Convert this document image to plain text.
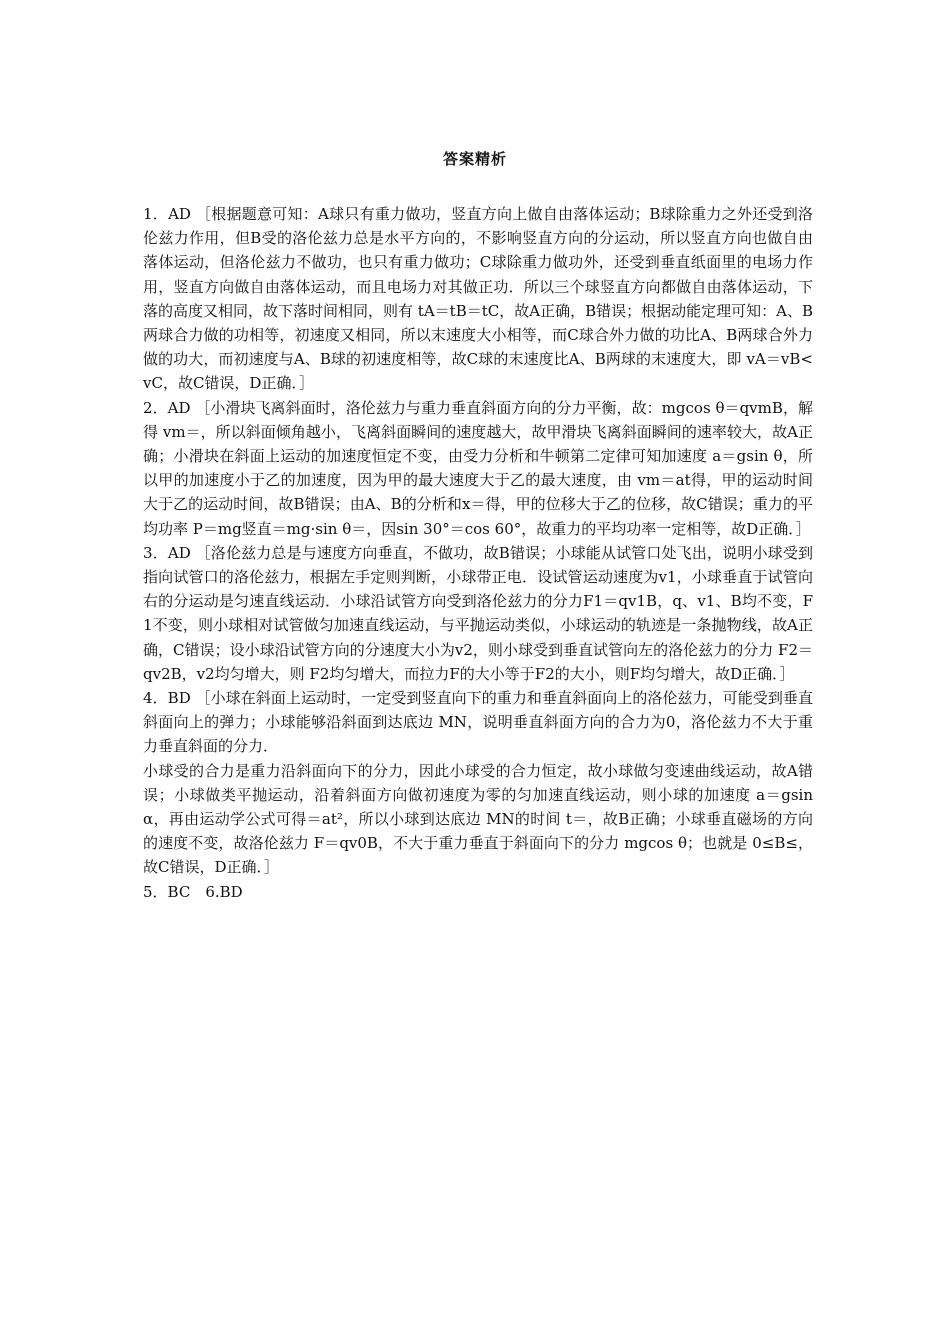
答案精析

1．AD ［根据题意可知：A球只有重力做功，竖直方向上做自由落体运动；B球除重力之外还受到洛伦兹力作用，但B受的洛伦兹力总是水平方向的，不影响竖直方向的分运动，所以竖直方向也做自由落体运动，但洛伦兹力不做功，也只有重力做功；C球除重力做功外，还受到垂直纸面里的电场力作用，竖直方向做自由落体运动，而且电场力对其做正功．所以三个球竖直方向都做自由落体运动，下落的高度又相同，故下落时间相同，则有 tA＝tB＝tC，故A正确，B错误；根据动能定理可知：A、B两球合力做的功相等，初速度又相同，所以末速度大小相等，而C球合外力做的功比A、B两球合外力做的功大，而初速度与A、B球的初速度相等，故C球的末速度比A、B两球的末速度大，即 vA＝vB<vC，故C错误，D正确．］

2．AD ［小滑块飞离斜面时，洛伦兹力与重力垂直斜面方向的分力平衡，故：mgcos θ＝qvmB，解得 vm＝，所以斜面倾角越小，飞离斜面瞬间的速度越大，故甲滑块飞离斜面瞬间的速率较大，故A正确；小滑块在斜面上运动的加速度恒定不变，由受力分析和牛顿第二定律可知加速度 a＝gsin θ，所以甲的加速度小于乙的加速度，因为甲的最大速度大于乙的最大速度，由 vm＝at得，甲的运动时间大于乙的运动时间，故B错误；由A、B的分析和x＝得，甲的位移大于乙的位移，故C错误；重力的平均功率 P＝mg竖直＝mg·sin θ＝，因sin 30°＝cos 60°，故重力的平均功率一定相等，故D正确．］

3．AD ［洛伦兹力总是与速度方向垂直，不做功，故B错误；小球能从试管口处飞出，说明小球受到指向试管口的洛伦兹力，根据左手定则判断，小球带正电．设试管运动速度为v1，小球垂直于试管向右的分运动是匀速直线运动．小球沿试管方向受到洛伦兹力的分力F1＝qv1B，q、v1、B均不变，F1不变，则小球相对试管做匀加速直线运动，与平抛运动类似，小球运动的轨迹是一条抛物线，故A正确，C错误；设小球沿试管方向的分速度大小为v2，则小球受到垂直试管向左的洛伦兹力的分力 F2＝qv2B，v2均匀增大，则 F2均匀增大，而拉力F的大小等于F2的大小，则F均匀增大，故D正确．］

4．BD ［小球在斜面上运动时，一定受到竖直向下的重力和垂直斜面向上的洛伦兹力，可能受到垂直斜面向上的弹力；小球能够沿斜面到达底边 MN，说明垂直斜面方向的合力为0，洛伦兹力不大于重力垂直斜面的分力．

小球受的合力是重力沿斜面向下的分力，因此小球受的合力恒定，故小球做匀变速曲线运动，故A错误；小球做类平抛运动，沿着斜面方向做初速度为零的匀加速直线运动，则小球的加速度 a＝gsin α，再由运动学公式可得＝at²，所以小球到达底边 MN的时间 t＝，故B正确；小球垂直磁场的方向的速度不变，故洛伦兹力 F＝qv0B，不大于重力垂直于斜面向下的分力 mgcos θ；也就是 0≤B≤，故C错误，D正确．］

5．BC　6.BD
